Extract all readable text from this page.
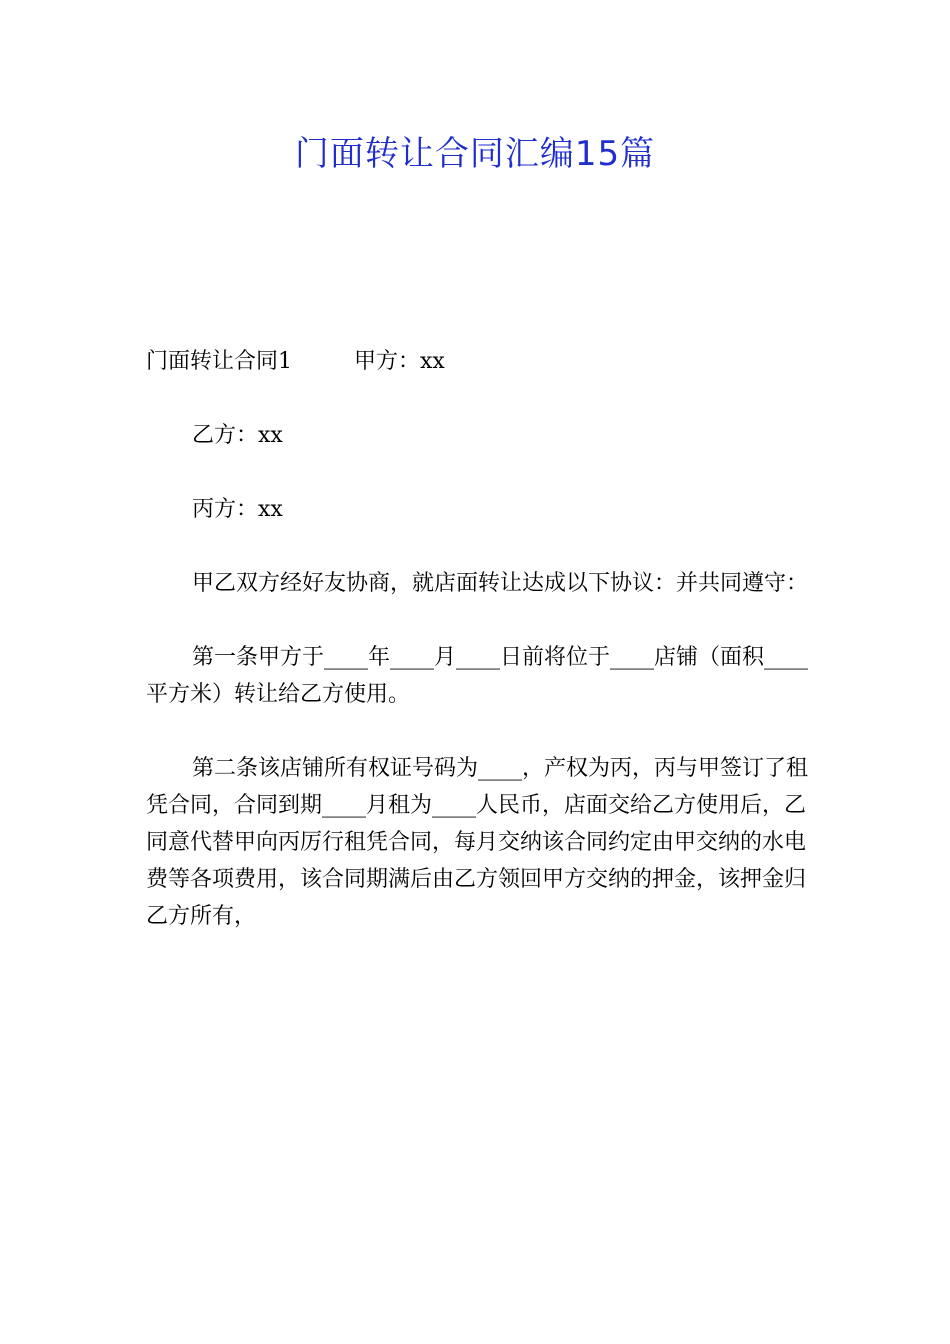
门面转让合同汇编15篇

门面转让合同1	甲方：xx

乙方：xx

丙方：xx

甲乙双方经好友协商，就店面转让达成以下协议：并共同遵守：

第一条甲方于____年____月____日前将位于____店铺（面积____平方米）转让给乙方使用。

第二条该店铺所有权证号码为____，产权为丙，丙与甲签订了租凭合同，合同到期____月租为____人民币，店面交给乙方使用后，乙同意代替甲向丙厉行租凭合同，每月交纳该合同约定由甲交纳的水电费等各项费用，该合同期满后由乙方领回甲方交纳的押金，该押金归乙方所有，
